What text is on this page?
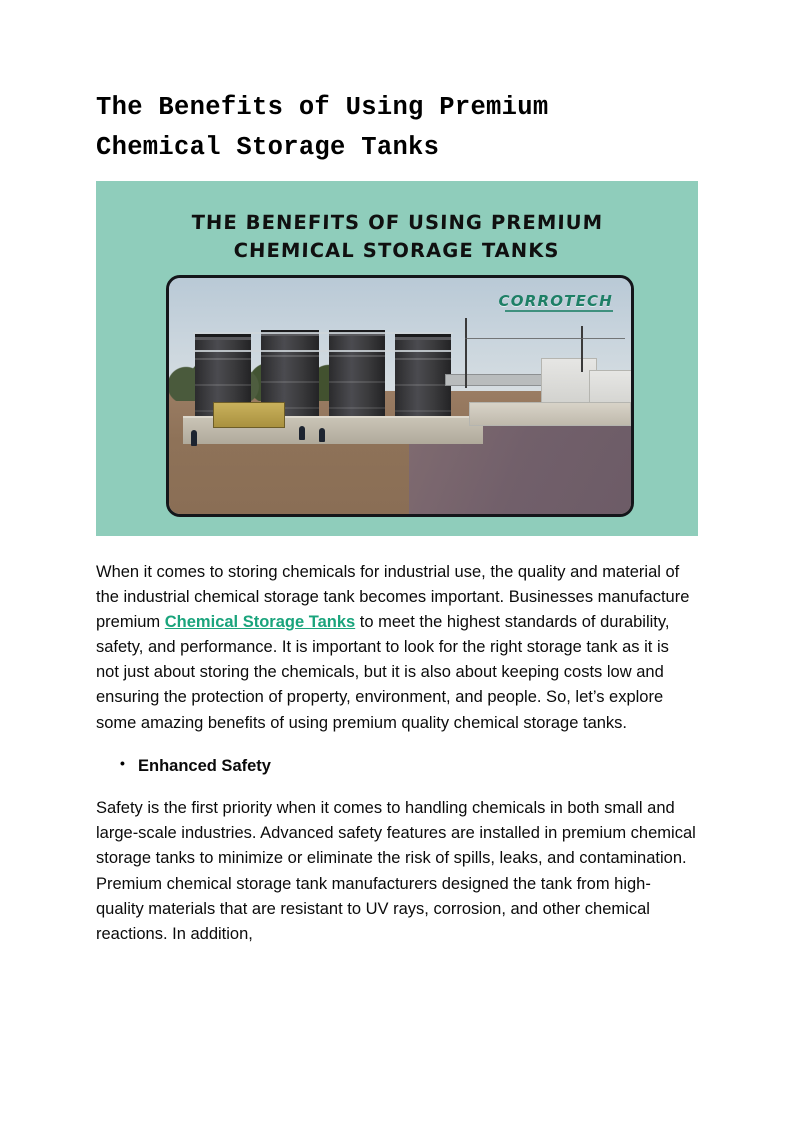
The Benefits of Using Premium Chemical Storage Tanks
THE BENEFITS OF USING PREMIUM
CHEMICAL STORAGE TANKS
CORROTECH

When it comes to storing chemicals for industrial use, the quality and material of the industrial chemical storage tank becomes important. Businesses manufacture premium Chemical Storage Tanks to meet the highest standards of durability, safety, and performance. It is important to look for the right storage tank as it is not just about storing the chemicals, but it is also about keeping costs low and ensuring the protection of property, environment, and people. So, let’s explore some amazing benefits of using premium quality chemical storage tanks.

• Enhanced Safety

Safety is the first priority when it comes to handling chemicals in both small and large-scale industries. Advanced safety features are installed in premium chemical storage tanks to minimize or eliminate the risk of spills, leaks, and contamination. Premium chemical storage tank manufacturers designed the tank from high-quality materials that are resistant to UV rays, corrosion, and other chemical reactions. In addition,
